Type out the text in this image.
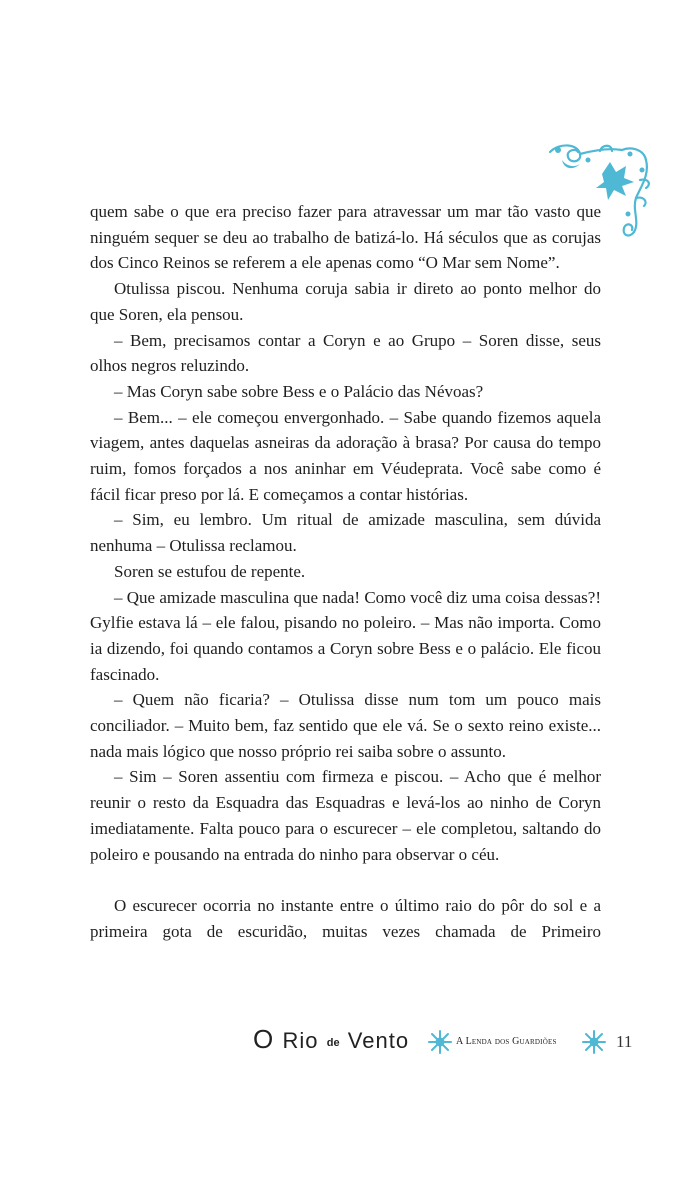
quem sabe o que era preciso fazer para atravessar um mar tão vasto que ninguém sequer se deu ao trabalho de batizá-lo. Há séculos que as corujas dos Cinco Reinos se referem a ele apenas como “O Mar sem Nome”.

Otulissa piscou. Nenhuma coruja sabia ir direto ao ponto melhor do que Soren, ela pensou.

– Bem, precisamos contar a Coryn e ao Grupo – Soren disse, seus olhos negros reluzindo.

– Mas Coryn sabe sobre Bess e o Palácio das Névoas?

– Bem... – ele começou envergonhado. – Sabe quando fizemos aquela viagem, antes daquelas asneiras da adoração à brasa? Por causa do tempo ruim, fomos forçados a nos aninhar em Véudeprata. Você sabe como é fácil ficar preso por lá. E começamos a contar histórias.

– Sim, eu lembro. Um ritual de amizade masculina, sem dúvida nenhuma – Otulissa reclamou.

Soren se estufou de repente.

– Que amizade masculina que nada! Como você diz uma coisa dessas?! Gylfie estava lá – ele falou, pisando no poleiro. – Mas não importa. Como ia dizendo, foi quando contamos a Coryn sobre Bess e o palácio. Ele ficou fascinado.

– Quem não ficaria? – Otulissa disse num tom um pouco mais conciliador. – Muito bem, faz sentido que ele vá. Se o sexto reino existe... nada mais lógico que nosso próprio rei saiba sobre o assunto.

– Sim – Soren assentiu com firmeza e piscou. – Acho que é melhor reunir o resto da Esquadra das Esquadras e levá-los ao ninho de Coryn imediatamente. Falta pouco para o escurecer – ele completou, saltando do poleiro e pousando na entrada do ninho para observar o céu.

O escurecer ocorria no instante entre o último raio do pôr do sol e a primeira gota de escuridão, muitas vezes chamada de Primeiro

O Rio de Vento	A Lenda dos Guardiões	11
